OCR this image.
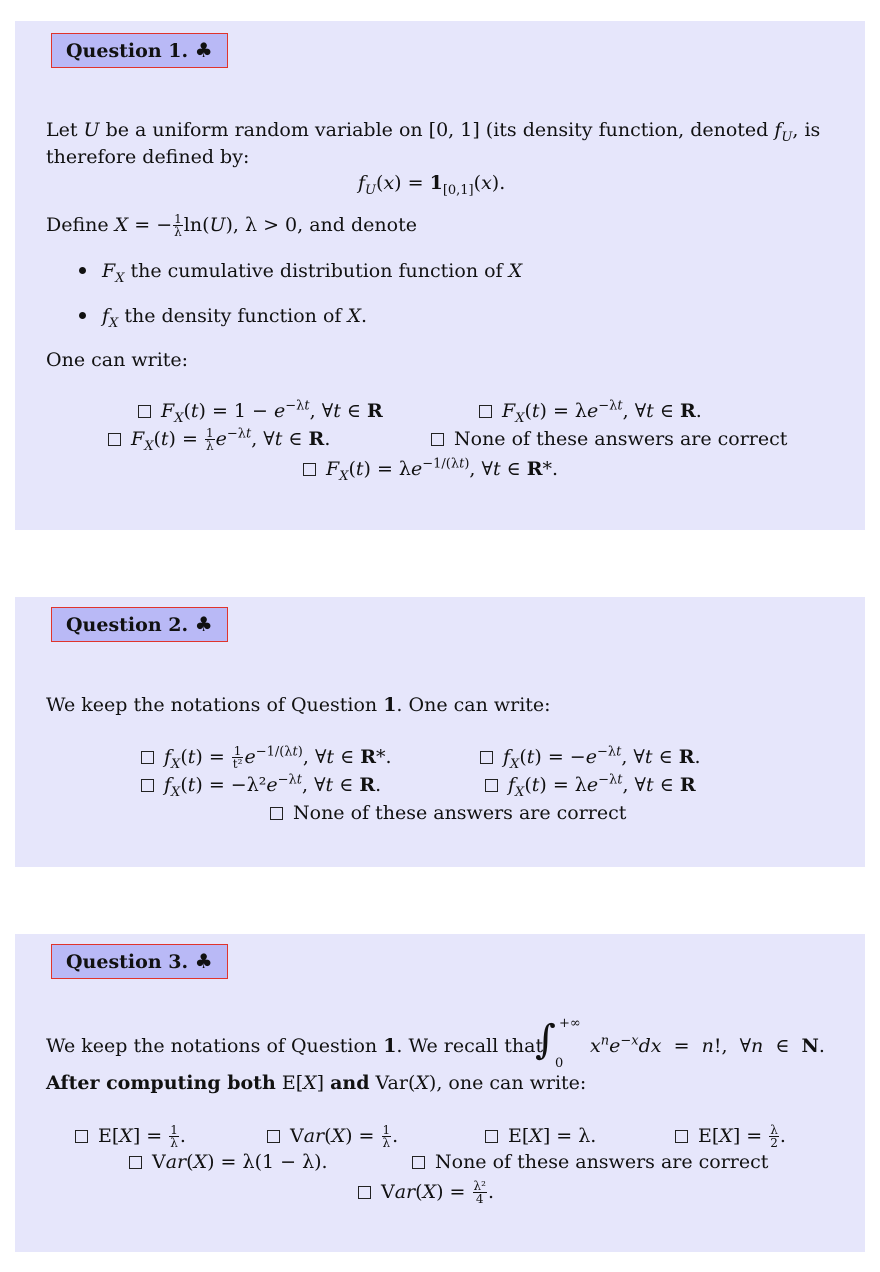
Question 1. ♣
Let U be a uniform random variable on [0, 1] (its density function, denoted $f_U$, is therefore defined by:
$f_U(x) = 1_{[0,1]}(x)$.
Define X = − $\frac{1}{\lambda} \ln(U)$, λ > 0, and denote
$F_X$ the cumulative distribution function of X
$f_X$ the density function of X.
One can write:
$F_X(t) = 1 - e^{-\lambda t}$, ∀t ∈ R	$F_X(t) = \lambda e^{-\lambda t}$, ∀t ∈ R.
$F_X(t) = \frac{1}{\lambda} e^{-\lambda t}$, ∀t ∈ R.	None of these answers are correct
$F_X(t) = \lambda e^{-1/(\lambda t)}$, ∀t ∈ R*.
Question 2. ♣
We keep the notations of Question 1. One can write:
$f_X(t) = \frac{1}{\text{t²}} e^{-1/(\lambda t)}$, ∀t ∈ R*.	$f_X(t) = -e^{-\lambda t}$, ∀t ∈ R.
$f_X(t) = -\lambda^2e^{-\lambda t}$, ∀t ∈ R.	$f_X(t) = \lambda e^{-\lambda t}$, ∀t ∈ R
None of these answers are correct
Question 3. ♣
We keep the notations of Question 1. We recall that
∫ +∞
0
$x^ne^{-x}dx = n$!,  ∀n  ∈  N.
After computing both E[X] and Var(X), one can write:
$E[X] = \frac{1}{\lambda}$ .	$Var(X) = \frac{1}{\lambda}$ .	E[X] = λ.	$E[X] = \frac{\lambda}{2}$ .
Var(X) = λ(1 − λ).	None of these answers are correct
$Var(X) = \frac{\text{λ²}}{4}$ .
